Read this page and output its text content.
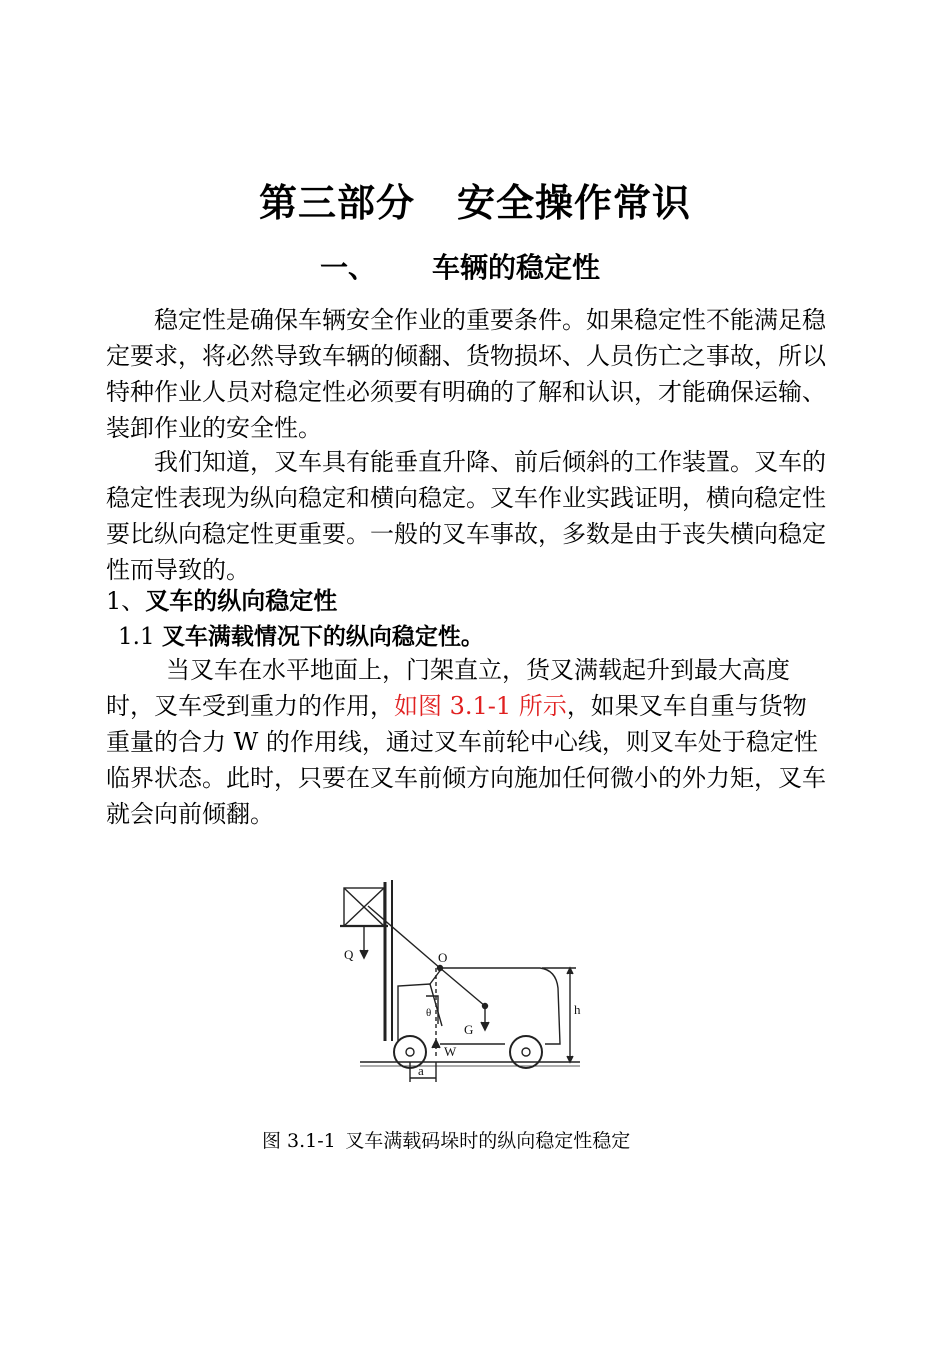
第三部分 安全操作常识
一、 车辆的稳定性
　　稳定性是确保车辆安全作业的重要条件。如果稳定性不能满足稳定要求，将必然导致车辆的倾翻、货物损坏、人员伤亡之事故，所以特种作业人员对稳定性必须要有明确的了解和认识，才能确保运输、装卸作业的安全性。
　　我们知道，叉车具有能垂直升降、前后倾斜的工作装置。叉车的稳定性表现为纵向稳定和横向稳定。叉车作业实践证明，横向稳定性要比纵向稳定性更重要。一般的叉车事故，多数是由于丧失横向稳定性而导致的。
1、叉车的纵向稳定性
1.1 叉车满载情况下的纵向稳定性。
　　 当叉车在水平地面上，门架直立，货叉满载起升到最大高度时，叉车受到重力的作用，如图 3.1-1 所示，如果叉车自重与货物重量的合力 W 的作用线，通过叉车前轮中心线，则叉车处于稳定性临界状态。此时，只要在叉车前倾方向施加任何微小的外力矩，叉车就会向前倾翻。
Q	O
G
W
h
a
θ
图 3.1-1 叉车满载码垛时的纵向稳定性稳定
